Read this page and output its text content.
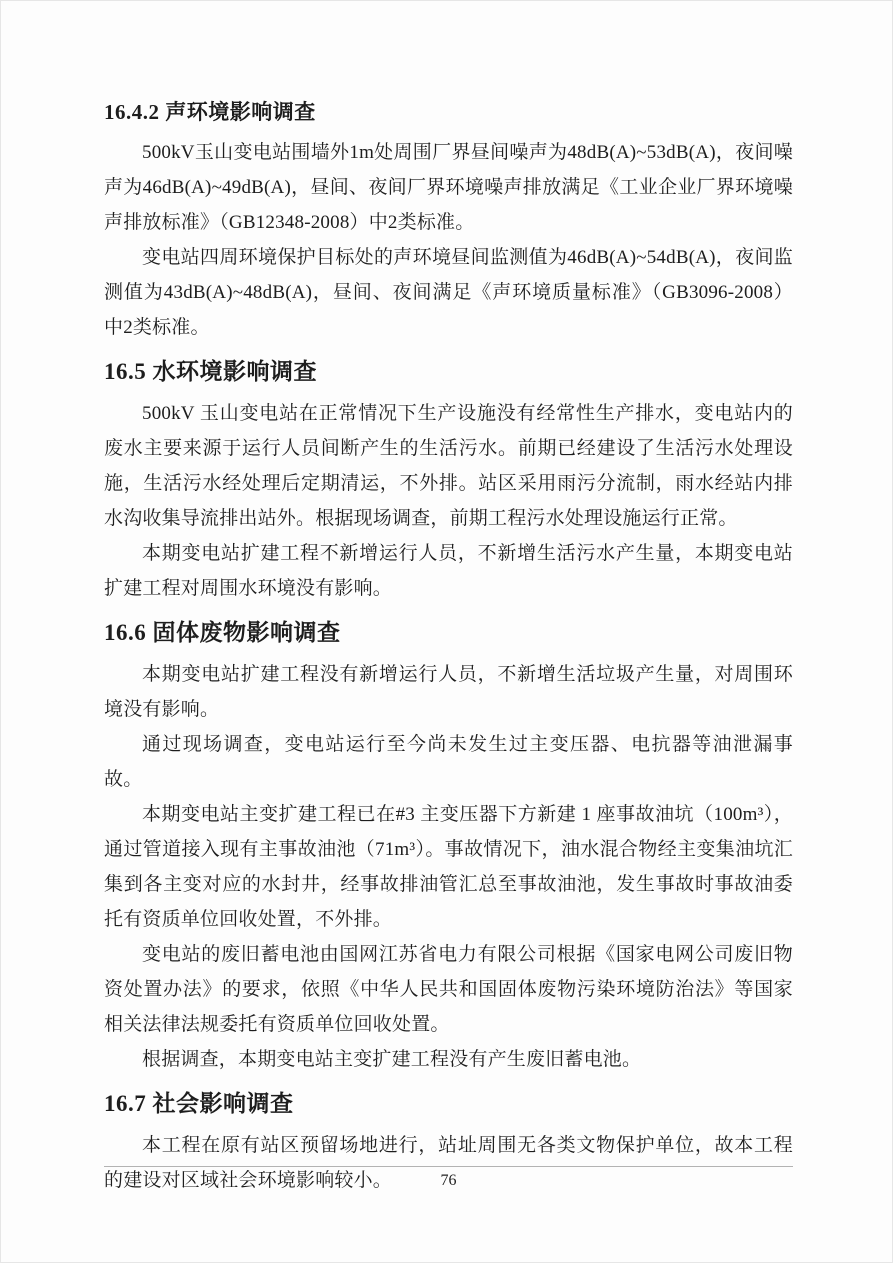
16.4.2 声环境影响调查

500kV玉山变电站围墙外1m处周围厂界昼间噪声为48dB(A)~53dB(A)，夜间噪声为46dB(A)~49dB(A)，昼间、夜间厂界环境噪声排放满足《工业企业厂界环境噪声排放标准》（GB12348-2008）中2类标准。

变电站四周环境保护目标处的声环境昼间监测值为46dB(A)~54dB(A)，夜间监测值为43dB(A)~48dB(A)，昼间、夜间满足《声环境质量标准》（GB3096-2008）中2类标准。

16.5 水环境影响调查

500kV 玉山变电站在正常情况下生产设施没有经常性生产排水，变电站内的废水主要来源于运行人员间断产生的生活污水。前期已经建设了生活污水处理设施，生活污水经处理后定期清运，不外排。站区采用雨污分流制，雨水经站内排水沟收集导流排出站外。根据现场调查，前期工程污水处理设施运行正常。

本期变电站扩建工程不新增运行人员，不新增生活污水产生量，本期变电站扩建工程对周围水环境没有影响。

16.6 固体废物影响调查

本期变电站扩建工程没有新增运行人员，不新增生活垃圾产生量，对周围环境没有影响。

通过现场调查，变电站运行至今尚未发生过主变压器、电抗器等油泄漏事故。

本期变电站主变扩建工程已在#3 主变压器下方新建 1 座事故油坑（100m³），通过管道接入现有主事故油池（71m³）。事故情况下，油水混合物经主变集油坑汇集到各主变对应的水封井，经事故排油管汇总至事故油池，发生事故时事故油委托有资质单位回收处置，不外排。

变电站的废旧蓄电池由国网江苏省电力有限公司根据《国家电网公司废旧物资处置办法》的要求，依照《中华人民共和国固体废物污染环境防治法》等国家相关法律法规委托有资质单位回收处置。

根据调查，本期变电站主变扩建工程没有产生废旧蓄电池。

16.7 社会影响调查

本工程在原有站区预留场地进行，站址周围无各类文物保护单位，故本工程的建设对区域社会环境影响较小。	76
